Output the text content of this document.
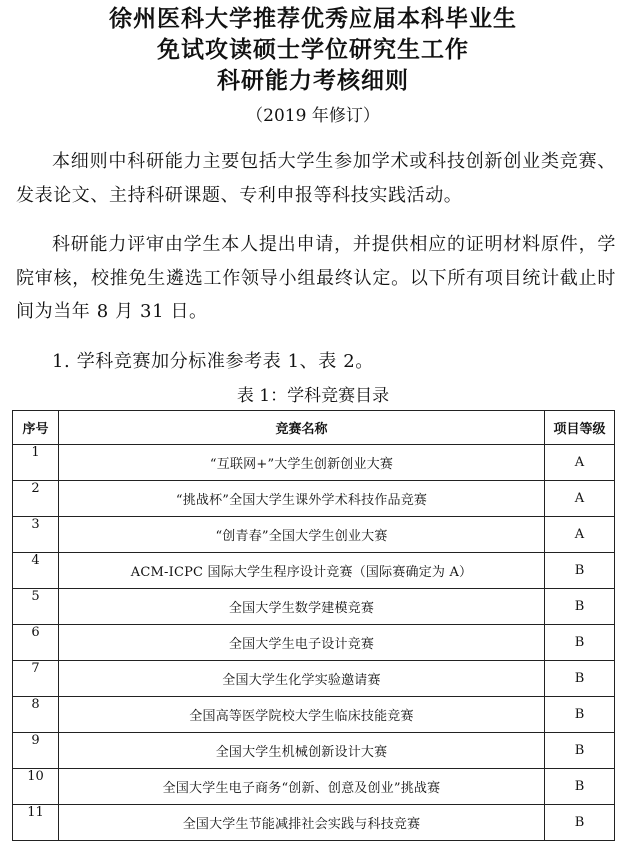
徐州医科大学推荐优秀应届本科毕业生
免试攻读硕士学位研究生工作
科研能力考核细则
（2019 年修订）
本细则中科研能力主要包括大学生参加学术或科技创新创业类竞赛、发表论文、主持科研课题、专利申报等科技实践活动。
科研能力评审由学生本人提出申请，并提供相应的证明材料原件，学院审核，校推免生遴选工作领导小组最终认定。以下所有项目统计截止时间为当年 8 月 31 日。
1. 学科竞赛加分标准参考表 1、表 2。
表 1：学科竞赛目录
序号	竞赛名称	项目等级
1	“互联网+”大学生创新创业大赛	A
2	“挑战杯”全国大学生课外学术科技作品竞赛	A
3	“创青春”全国大学生创业大赛	A
4	ACM-ICPC 国际大学生程序设计竞赛（国际赛确定为 A）	B
5	全国大学生数学建模竞赛	B
6	全国大学生电子设计竞赛	B
7	全国大学生化学实验邀请赛	B
8	全国高等医学院校大学生临床技能竞赛	B
9	全国大学生机械创新设计大赛	B
10	全国大学生电子商务“创新、创意及创业”挑战赛	B
11	全国大学生节能减排社会实践与科技竞赛	B
